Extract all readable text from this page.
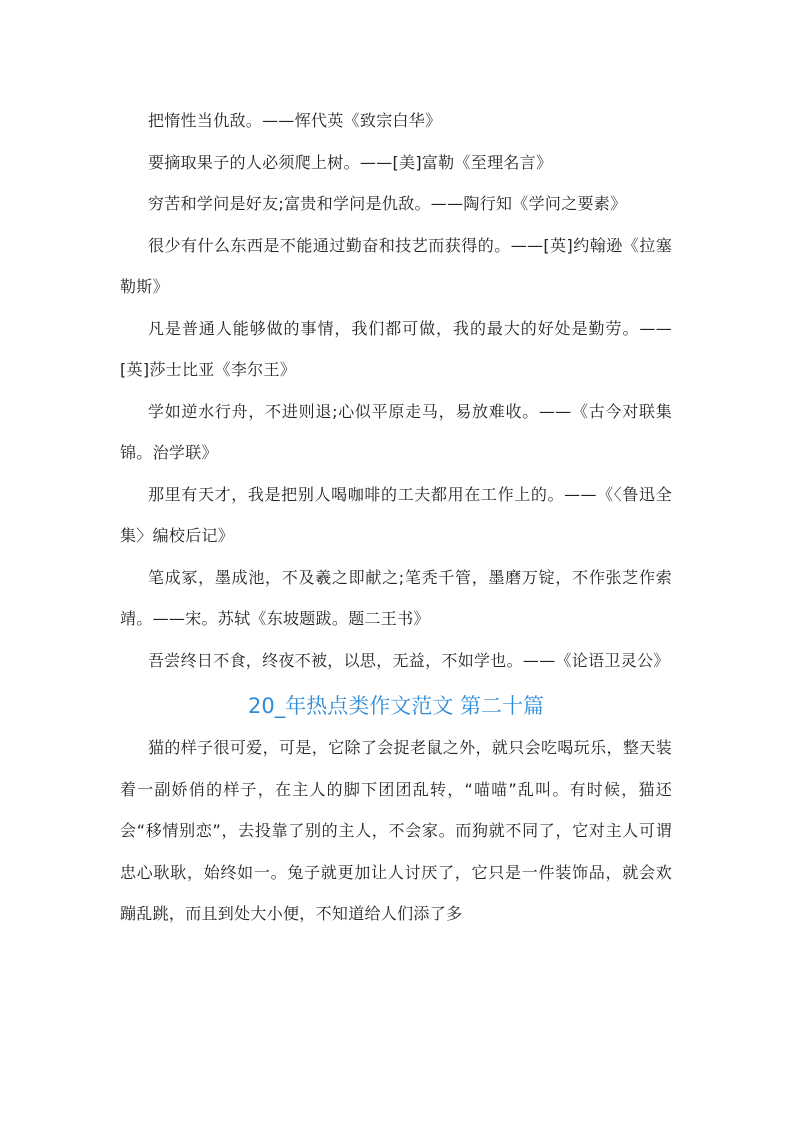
把惰性当仇敌。——恽代英《致宗白华》

要摘取果子的人必须爬上树。——[美]富勒《至理名言》

穷苦和学问是好友;富贵和学问是仇敌。——陶行知《学问之要素》

很少有什么东西是不能通过勤奋和技艺而获得的。——[英]约翰逊《拉塞勒斯》

凡是普通人能够做的事情，我们都可做，我的最大的好处是勤劳。——[英]莎士比亚《李尔王》

学如逆水行舟，不进则退;心似平原走马，易放难收。——《古今对联集锦。治学联》

那里有天才，我是把别人喝咖啡的工夫都用在工作上的。——《〈鲁迅全集〉编校后记》

笔成冢，墨成池，不及羲之即献之;笔秃千管，墨磨万锭，不作张芝作索靖。——宋。苏轼《东坡题跋。题二王书》

吾尝终日不食，终夜不被，以思，无益，不如学也。——《论语卫灵公》

20_年热点类作文范文 第二十篇

猫的样子很可爱，可是，它除了会捉老鼠之外，就只会吃喝玩乐，整天装着一副娇俏的样子，在主人的脚下团团乱转，“喵喵”乱叫。有时候，猫还会“移情别恋”，去投靠了别的主人，不会家。而狗就不同了，它对主人可谓忠心耿耿，始终如一。兔子就更加让人讨厌了，它只是一件装饰品，就会欢蹦乱跳，而且到处大小便，不知道给人们添了多
